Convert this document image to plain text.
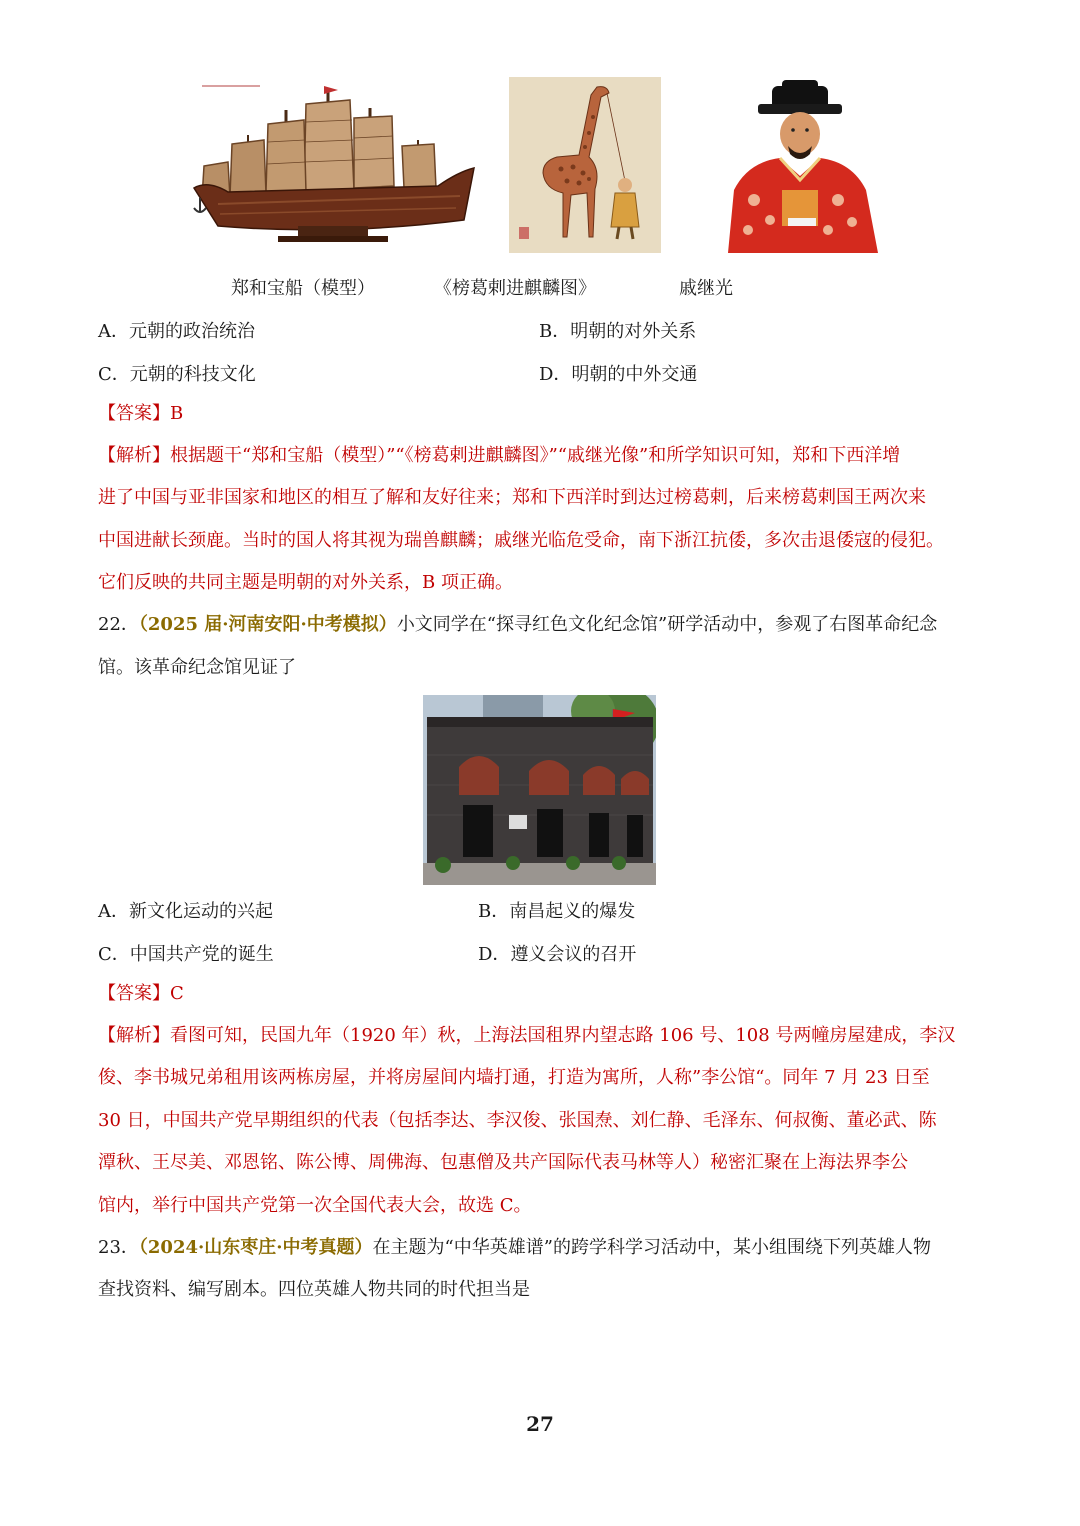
郑和宝船（模型）	《榜葛剌进麒麟图》	戚继光
A．元朝的政治统治	B．明朝的对外关系
C．元朝的科技文化	D．明朝的中外交通
【答案】B
【解析】根据题干“郑和宝船（模型）”“《榜葛剌进麒麟图》”“戚继光像”和所学知识可知，郑和下西洋增
进了中国与亚非国家和地区的相互了解和友好往来；郑和下西洋时到达过榜葛剌，后来榜葛剌国王两次来
中国进献长颈鹿。当时的国人将其视为瑞兽麒麟；戚继光临危受命，南下浙江抗倭，多次击退倭寇的侵犯。
它们反映的共同主题是明朝的对外关系，B 项正确。
22．（2025 届·河南安阳·中考模拟）小文同学在“探寻红色文化纪念馆”研学活动中，参观了右图革命纪念
馆。该革命纪念馆见证了
A．新文化运动的兴起	B．南昌起义的爆发
C．中国共产党的诞生	D．遵义会议的召开
【答案】C
【解析】看图可知，民国九年（1920 年）秋，上海法国租界内望志路 106 号、108 号两幢房屋建成，李汉
俊、李书城兄弟租用该两栋房屋，并将房屋间内墙打通，打造为寓所，人称”李公馆“。同年 7 月 23 日至
30 日，中国共产党早期组织的代表（包括李达、李汉俊、张国焘、刘仁静、毛泽东、何叔衡、董必武、陈
潭秋、王尽美、邓恩铭、陈公博、周佛海、包惠僧及共产国际代表马林等人）秘密汇聚在上海法界李公
馆内，举行中国共产党第一次全国代表大会，故选 C。
23．（2024·山东枣庄·中考真题）在主题为“中华英雄谱”的跨学科学习活动中，某小组围绕下列英雄人物
查找资料、编写剧本。四位英雄人物共同的时代担当是
27
